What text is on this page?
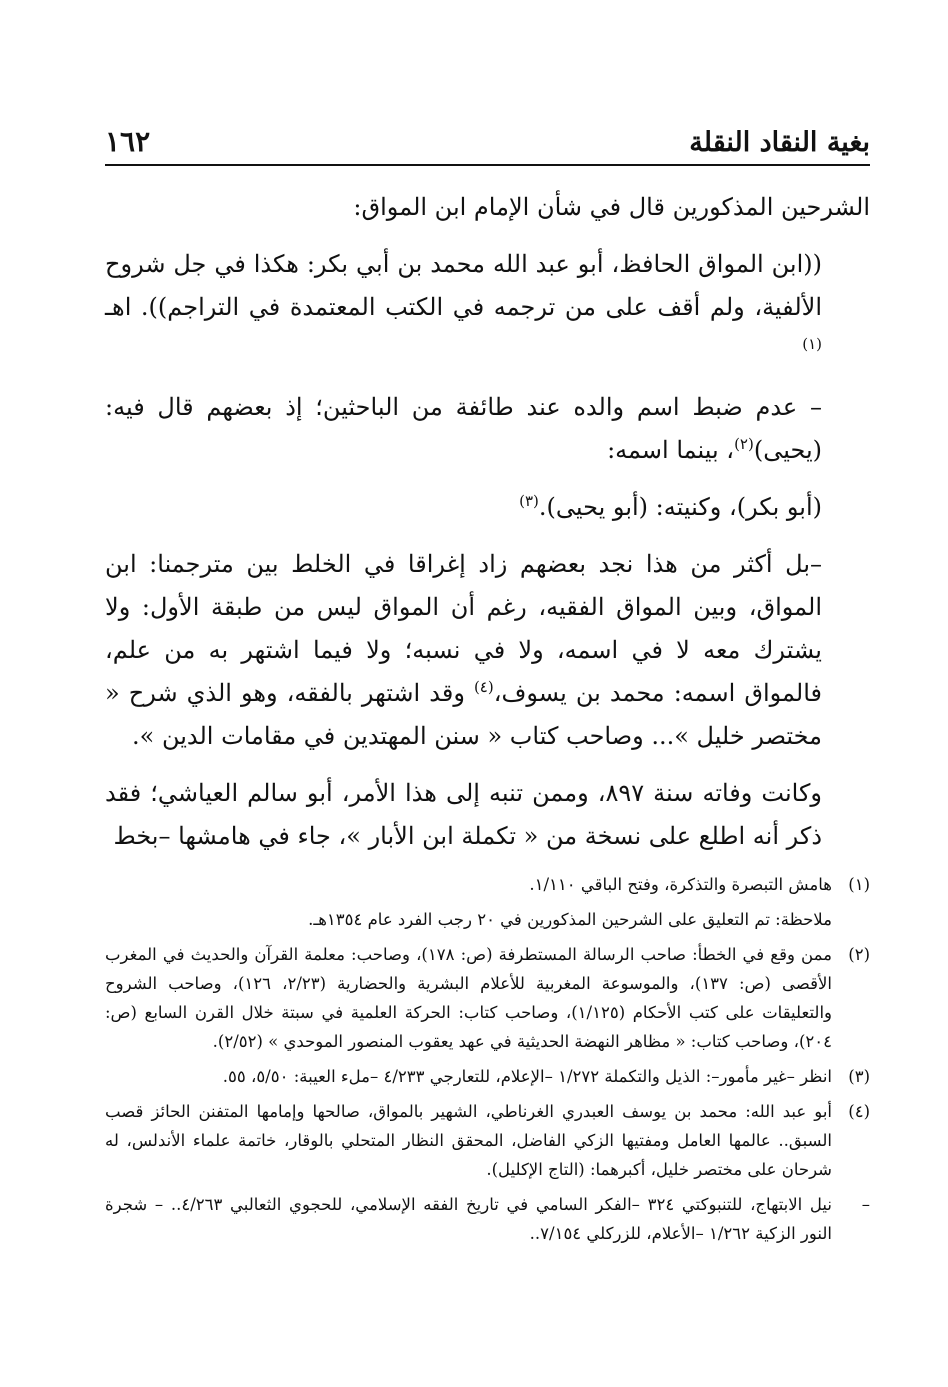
بغية النقاد النقلة
١٦٢

الشرحين المذكورين قال في شأن الإمام ابن المواق:

((ابن المواق الحافظ، أبو عبد الله محمد بن أبي بكر: هكذا في جل شروح الألفية، ولم أقف على من ترجمه في الكتب المعتمدة في التراجم)). اهـ $^{(١)}$

– عدم ضبط اسم والده عند طائفة من الباحثين؛ إذ بعضهم قال فيه: (يحيى)$^{(٢)}$، بينما اسمه:

(أبو بكر)، وكنيته: (أبو يحيى).$^{(٣)}$

–بل أكثر من هذا نجد بعضهم زاد إغراقا في الخلط بين مترجمنا: ابن المواق، وبين المواق الفقيه، رغم أن المواق ليس من طبقة الأول: ولا يشترك معه لا في اسمه، ولا في نسبه؛ ولا فيما اشتهر به من علم، فالمواق اسمه: محمد بن يسوف،$^{(٤)}$ وقد اشتهر بالفقه، وهو الذي شرح « مختصر خليل »... وصاحب كتاب « سنن المهتدين في مقامات الدين ».

وكانت وفاته سنة ٨٩٧، وممن تنبه إلى هذا الأمر، أبو سالم العياشي؛ فقد ذكر أنه اطلع على نسخة من « تكملة ابن الأبار »، جاء في هامشها –بخط

(١)هامش التبصرة والتذكرة، وفتح الباقي ١/١١٠.

ملاحظة: تم التعليق على الشرحين المذكورين في ٢٠ رجب الفرد عام ١٣٥٤هـ.

(٢)ممن وقع في الخطأ: صاحب الرسالة المستطرفة (ص: ١٧٨)، وصاحب: معلمة القرآن والحديث في المغرب الأقصى (ص: ١٣٧)، والموسوعة المغربية للأعلام البشرية والحضارية (٢/٢٣، ١٢٦)، وصاحب الشروح والتعليقات على كتب الأحكام (١/١٢٥)، وصاحب كتاب: الحركة العلمية في سبتة خلال القرن السابع (ص: ٢٠٤)، وصاحب كتاب: « مظاهر النهضة الحديثية في عهد يعقوب المنصور الموحدي » (٢/٥٢).

(٣)انظر –غير مأمور–: الذيل والتكملة ١/٢٧٢ –الإعلام، للتعارجي ٤/٢٣٣ –ملء العيبة: ٥/٥٠، ٥٥.

(٤)أبو عبد الله: محمد بن يوسف العبدري الغرناطي، الشهير بالمواق، صالحها وإمامها المتفنن الحائز قصب السبق.. عالمها العامل ومفتيها الزكي الفاضل، المحقق النظار المتحلي بالوقار، خاتمة علماء الأندلس، له شرحان على مختصر خليل، أكبرهما: (التاج الإكليل).

–نيل الابتهاج، للتنبوكتي ٣٢٤ –الفكر السامي في تاريخ الفقه الإسلامي، للحجوي الثعالبي ٤/٢٦٣.. – شجرة النور الزكية ١/٢٦٢ –الأعلام، للزركلي ٧/١٥٤..
